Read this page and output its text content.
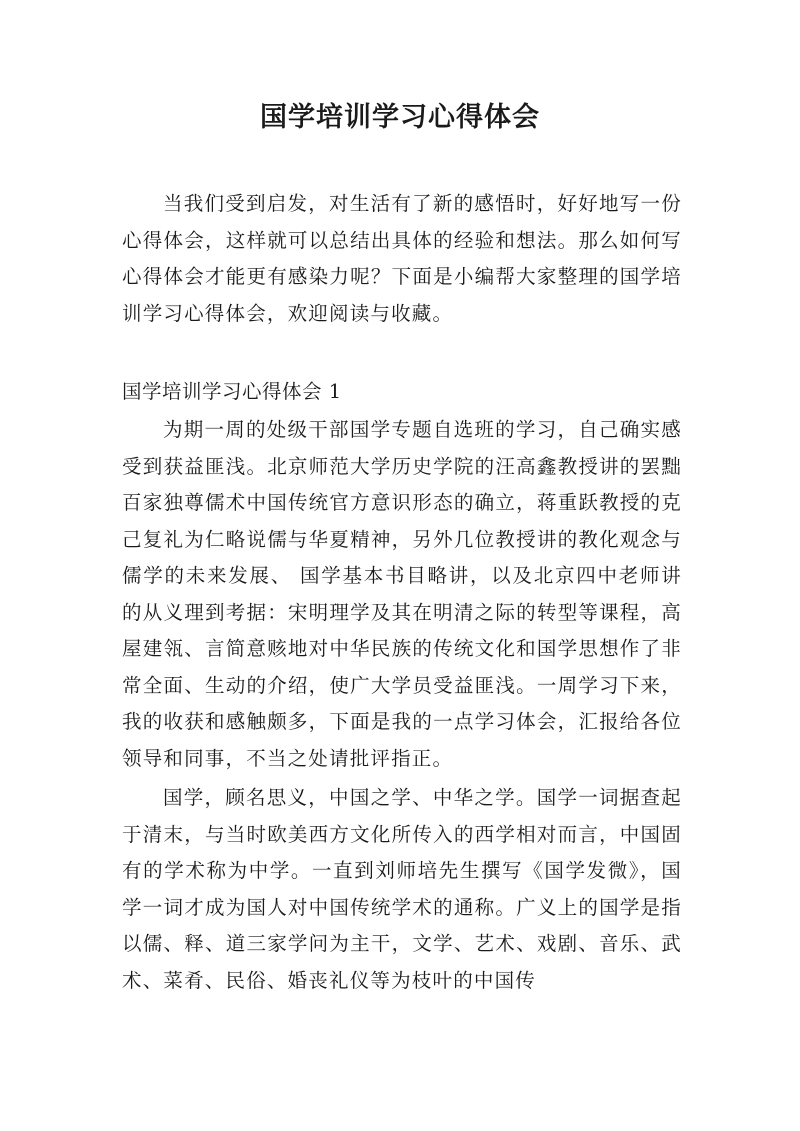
国学培训学习心得体会

当我们受到启发，对生活有了新的感悟时，好好地写一份心得体会，这样就可以总结出具体的经验和想法。那么如何写心得体会才能更有感染力呢？下面是小编帮大家整理的国学培训学习心得体会，欢迎阅读与收藏。

国学培训学习心得体会 1

为期一周的处级干部国学专题自选班的学习，自己确实感受到获益匪浅。北京师范大学历史学院的汪高鑫教授讲的罢黜百家独尊儒术中国传统官方意识形态的确立，蒋重跃教授的克己复礼为仁略说儒与华夏精神，另外几位教授讲的教化观念与儒学的未来发展、 国学基本书目略讲，以及北京四中老师讲的从义理到考据：宋明理学及其在明清之际的转型等课程，高屋建瓴、言简意赅地对中华民族的传统文化和国学思想作了非常全面、生动的介绍，使广大学员受益匪浅。一周学习下来，我的收获和感触颇多，下面是我的一点学习体会，汇报给各位领导和同事，不当之处请批评指正。

国学，顾名思义，中国之学、中华之学。国学一词据查起于清末，与当时欧美西方文化所传入的西学相对而言，中国固有的学术称为中学。一直到刘师培先生撰写《国学发微》，国学一词才成为国人对中国传统学术的通称。广义上的国学是指以儒、释、道三家学问为主干，文学、艺术、戏剧、音乐、武术、菜肴、民俗、婚丧礼仪等为枝叶的中国传
